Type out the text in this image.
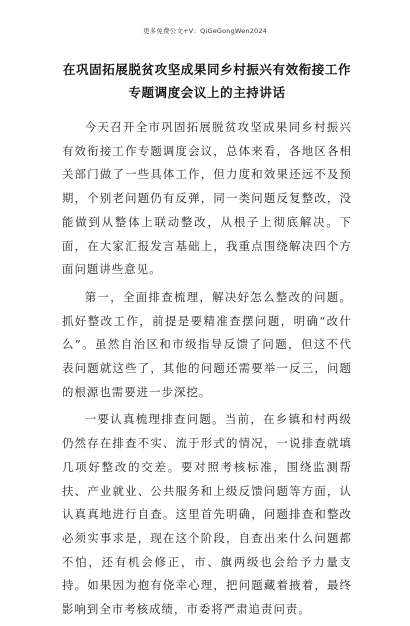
更多免费公文+V：QiGeGongWen2024
在巩固拓展脱贫攻坚成果同乡村振兴有效衔接工作专题调度会议上的主持讲话

今天召开全市巩固拓展脱贫攻坚成果同乡村振兴有效衔接工作专题调度会议，总体来看，各地区各相关部门做了一些具体工作，但力度和效果还远不及预期，个别老问题仍有反弹，同一类问题反复整改，没能做到从整体上联动整改，从根子上彻底解决。下面，在大家汇报发言基础上，我重点围绕解决四个方面问题讲些意见。

第一，全面排查梳理，解决好怎么整改的问题。抓好整改工作，前提是要精准查摆问题，明确“改什么”。虽然自治区和市级指导反馈了问题，但这不代表问题就这些了，其他的问题还需要举一反三，问题的根源也需要进一步深挖。

一要认真梳理排查问题。当前，在乡镇和村两级仍然存在排查不实、流于形式的情况，一说排查就填几项好整改的交差。要对照考核标准，围绕监测帮扶、产业就业、公共服务和上级反馈问题等方面，认认真真地进行自查。这里首先明确，问题排查和整改必须实事求是，现在这个阶段，自查出来什么问题都不怕，还有机会修正，市、旗两级也会给予力量支持。如果因为抱有侥幸心理，把问题藏着掖着，最终影响到全市考核成绩，市委将严肃追责问责。
